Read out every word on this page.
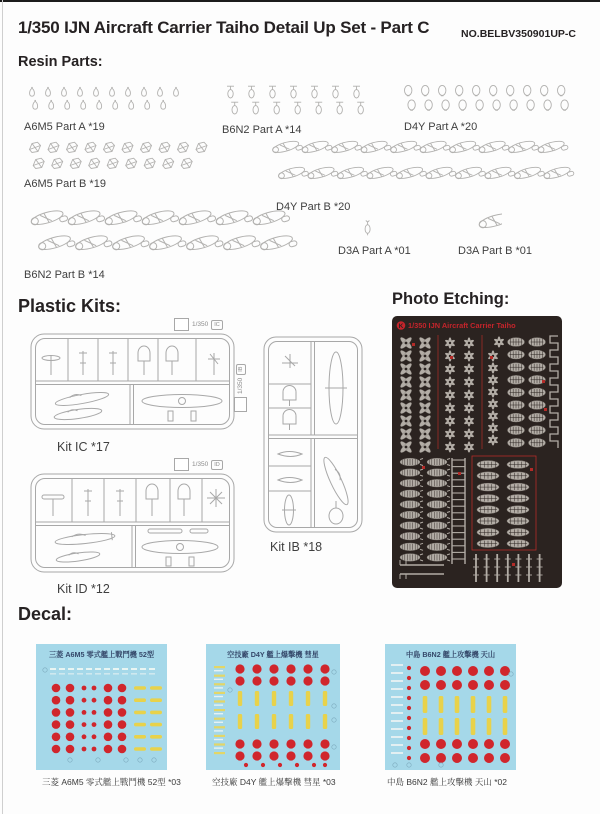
1/350 IJN Aircraft Carrier Taiho Detail Up Set - Part C	NO.BELBV350901UP-C
Resin Parts:
A6M5 Part A *19	B6N2 Part A *14	D4Y Part A *20
A6M5 Part B *19
D4Y Part B *20
B6N2 Part B *14
D3A Part A *01	D3A Part B *01
Plastic Kits:
1/350	IC
Kit IC *17
1/350	ID
Kit ID *12
1/350
IB
Kit IB *18
Photo Etching:
K 1/350 IJN Aircraft Carrier Taiho
Decal:
三菱 A6M5 零式艦上戰鬥機 52型	空技廠 D4Y 艦上爆擊機 彗星	中島 B6N2 艦上攻擊機 天山
三菱 A6M5 零式艦上戰鬥機 52型 *03	空技廠 D4Y 艦上爆擊機 彗星 *03	中島 B6N2 艦上攻擊機 天山 *02
